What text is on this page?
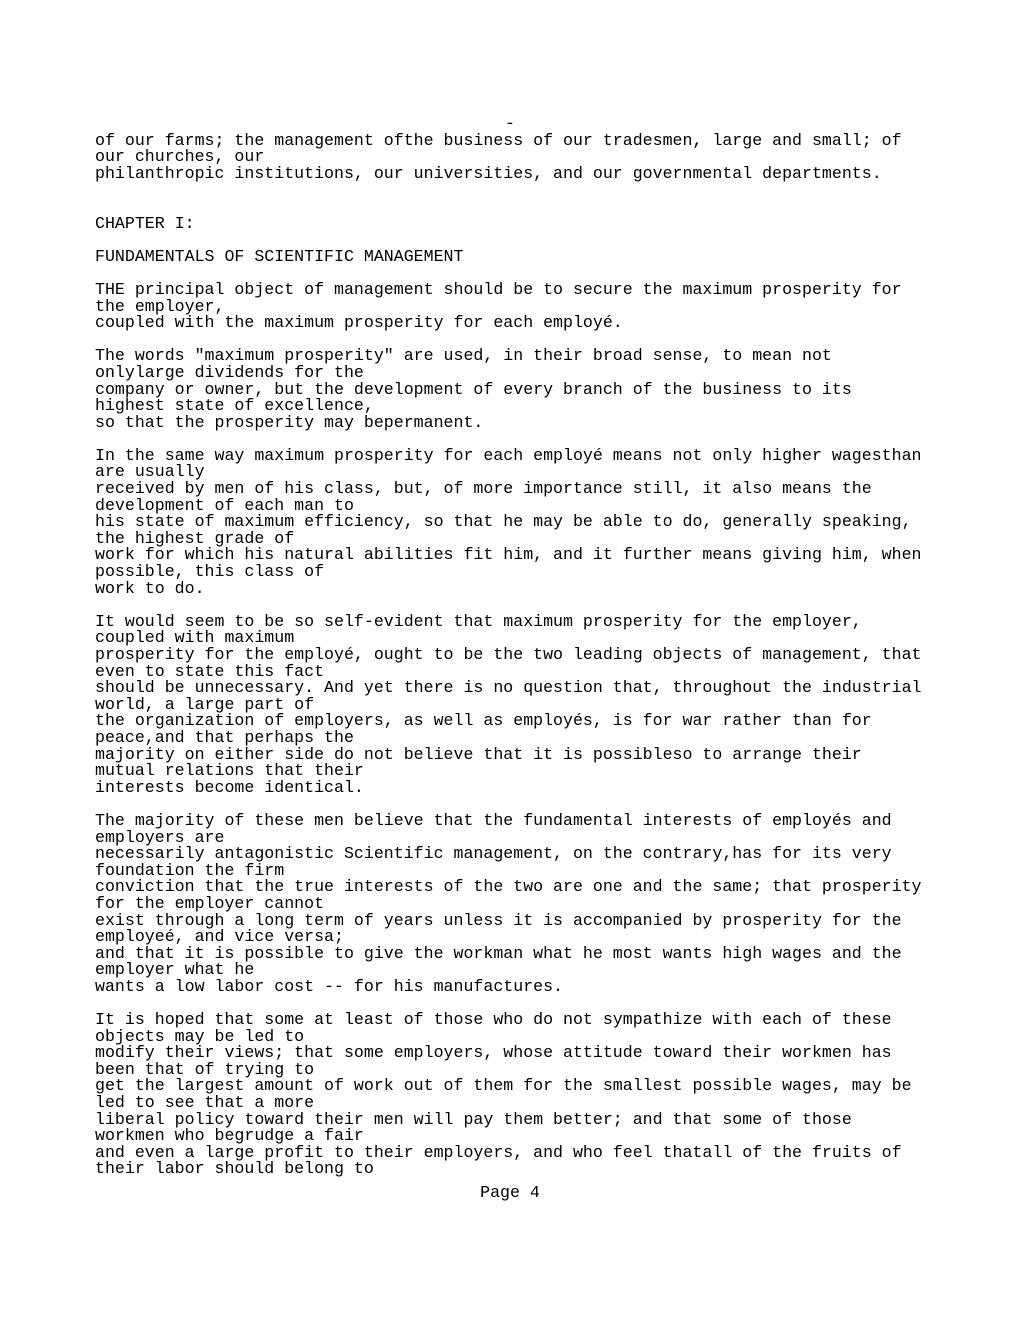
-
of our farms; the management ofthe business of our tradesmen, large and small; of
our churches, our
philanthropic institutions, our universities, and our governmental departments.
CHAPTER I:
FUNDAMENTALS OF SCIENTIFIC MANAGEMENT
THE principal object of management should be to secure the maximum prosperity for
the employer,
coupled with the maximum prosperity for each employé.
The words "maximum prosperity" are used, in their broad sense, to mean not
onlylarge dividends for the
company or owner, but the development of every branch of the business to its
highest state of excellence,
so that the prosperity may bepermanent.
In the same way maximum prosperity for each employé means not only higher wagesthan
are usually
received by men of his class, but, of more importance still, it also means the
development of each man to
his state of maximum efficiency, so that he may be able to do, generally speaking,
the highest grade of
work for which his natural abilities fit him, and it further means giving him, when
possible, this class of
work to do.
It would seem to be so self-evident that maximum prosperity for the employer,
coupled with maximum
prosperity for the employé, ought to be the two leading objects of management, that
even to state this fact
should be unnecessary. And yet there is no question that, throughout the industrial
world, a large part of
the organization of employers, as well as employés, is for war rather than for
peace,and that perhaps the
majority on either side do not believe that it is possibleso to arrange their
mutual relations that their
interests become identical.
The majority of these men believe that the fundamental interests of employés and
employers are
necessarily antagonistic Scientific management, on the contrary,has for its very
foundation the firm
conviction that the true interests of the two are one and the same; that prosperity
for the employer cannot
exist through a long term of years unless it is accompanied by prosperity for the
employeé, and vice versa;
and that it is possible to give the workman what he most wants high wages and the
employer what he
wants a low labor cost -- for his manufactures.
It is hoped that some at least of those who do not sympathize with each of these
objects may be led to
modify their views; that some employers, whose attitude toward their workmen has
been that of trying to
get the largest amount of work out of them for the smallest possible wages, may be
led to see that a more
liberal policy toward their men will pay them better; and that some of those
workmen who begrudge a fair
and even a large profit to their employers, and who feel thatall of the fruits of
their labor should belong to
Page 4
